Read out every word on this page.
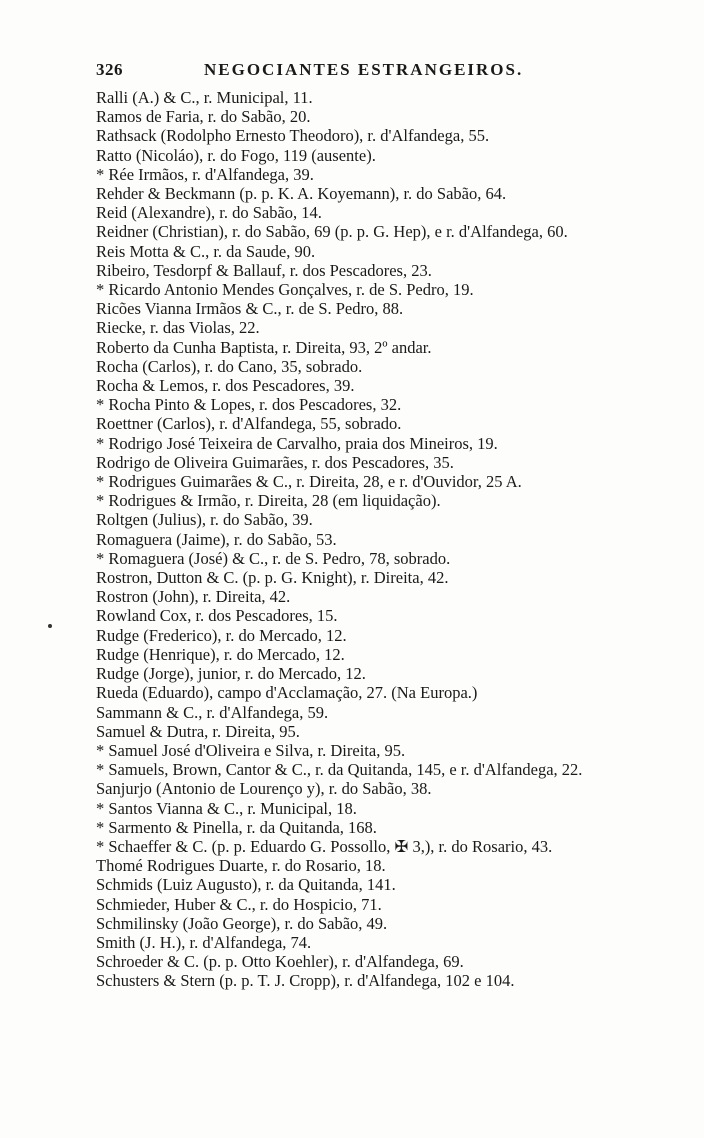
326	NEGOCIANTES ESTRANGEIROS.
Ralli (A.) & C., r. Municipal, 11.
Ramos de Faria, r. do Sabão, 20.
Rathsack (Rodolpho Ernesto Theodoro), r. d'Alfandega, 55.
Ratto (Nicoláo), r. do Fogo, 119 (ausente).
* Rée Irmãos, r. d'Alfandega, 39.
Rehder & Beckmann (p. p. K. A. Koyemann), r. do Sabão, 64.
Reid (Alexandre), r. do Sabão, 14.
Reidner (Christian), r. do Sabão, 69 (p. p. G. Hep), e r. d'Alfandega, 60.
Reis Motta & C., r. da Saude, 90.
Ribeiro, Tesdorpf & Ballauf, r. dos Pescadores, 23.
* Ricardo Antonio Mendes Gonçalves, r. de S. Pedro, 19.
Ricões Vianna Irmãos & C., r. de S. Pedro, 88.
Riecke, r. das Violas, 22.
Roberto da Cunha Baptista, r. Direita, 93, 2º andar.
Rocha (Carlos), r. do Cano, 35, sobrado.
Rocha & Lemos, r. dos Pescadores, 39.
* Rocha Pinto & Lopes, r. dos Pescadores, 32.
Roettner (Carlos), r. d'Alfandega, 55, sobrado.
* Rodrigo José Teixeira de Carvalho, praia dos Mineiros, 19.
Rodrigo de Oliveira Guimarães, r. dos Pescadores, 35.
* Rodrigues Guimarães & C., r. Direita, 28, e r. d'Ouvidor, 25 A.
* Rodrigues & Irmão, r. Direita, 28 (em liquidação).
Roltgen (Julius), r. do Sabão, 39.
Romaguera (Jaime), r. do Sabão, 53.
* Romaguera (José) & C., r. de S. Pedro, 78, sobrado.
Rostron, Dutton & C. (p. p. G. Knight), r. Direita, 42.
Rostron (John), r. Direita, 42.
Rowland Cox, r. dos Pescadores, 15.
Rudge (Frederico), r. do Mercado, 12.
Rudge (Henrique), r. do Mercado, 12.
Rudge (Jorge), junior, r. do Mercado, 12.
Rueda (Eduardo), campo d'Acclamação, 27. (Na Europa.)
Sammann & C., r. d'Alfandega, 59.
Samuel & Dutra, r. Direita, 95.
* Samuel José d'Oliveira e Silva, r. Direita, 95.
* Samuels, Brown, Cantor & C., r. da Quitanda, 145, e r. d'Alfandega, 22.
Sanjurjo (Antonio de Lourenço y), r. do Sabão, 38.
* Santos Vianna & C., r. Municipal, 18.
* Sarmento & Pinella, r. da Quitanda, 168.
* Schaeffer & C. (p. p. Eduardo G. Possollo, ✠ 3,), r. do Rosario, 43.
Thomé Rodrigues Duarte, r. do Rosario, 18.
Schmids (Luiz Augusto), r. da Quitanda, 141.
Schmieder, Huber & C., r. do Hospicio, 71.
Schmilinsky (João George), r. do Sabão, 49.
Smith (J. H.), r. d'Alfandega, 74.
Schroeder & C. (p. p. Otto Koehler), r. d'Alfandega, 69.
Schusters & Stern (p. p. T. J. Cropp), r. d'Alfandega, 102 e 104.
